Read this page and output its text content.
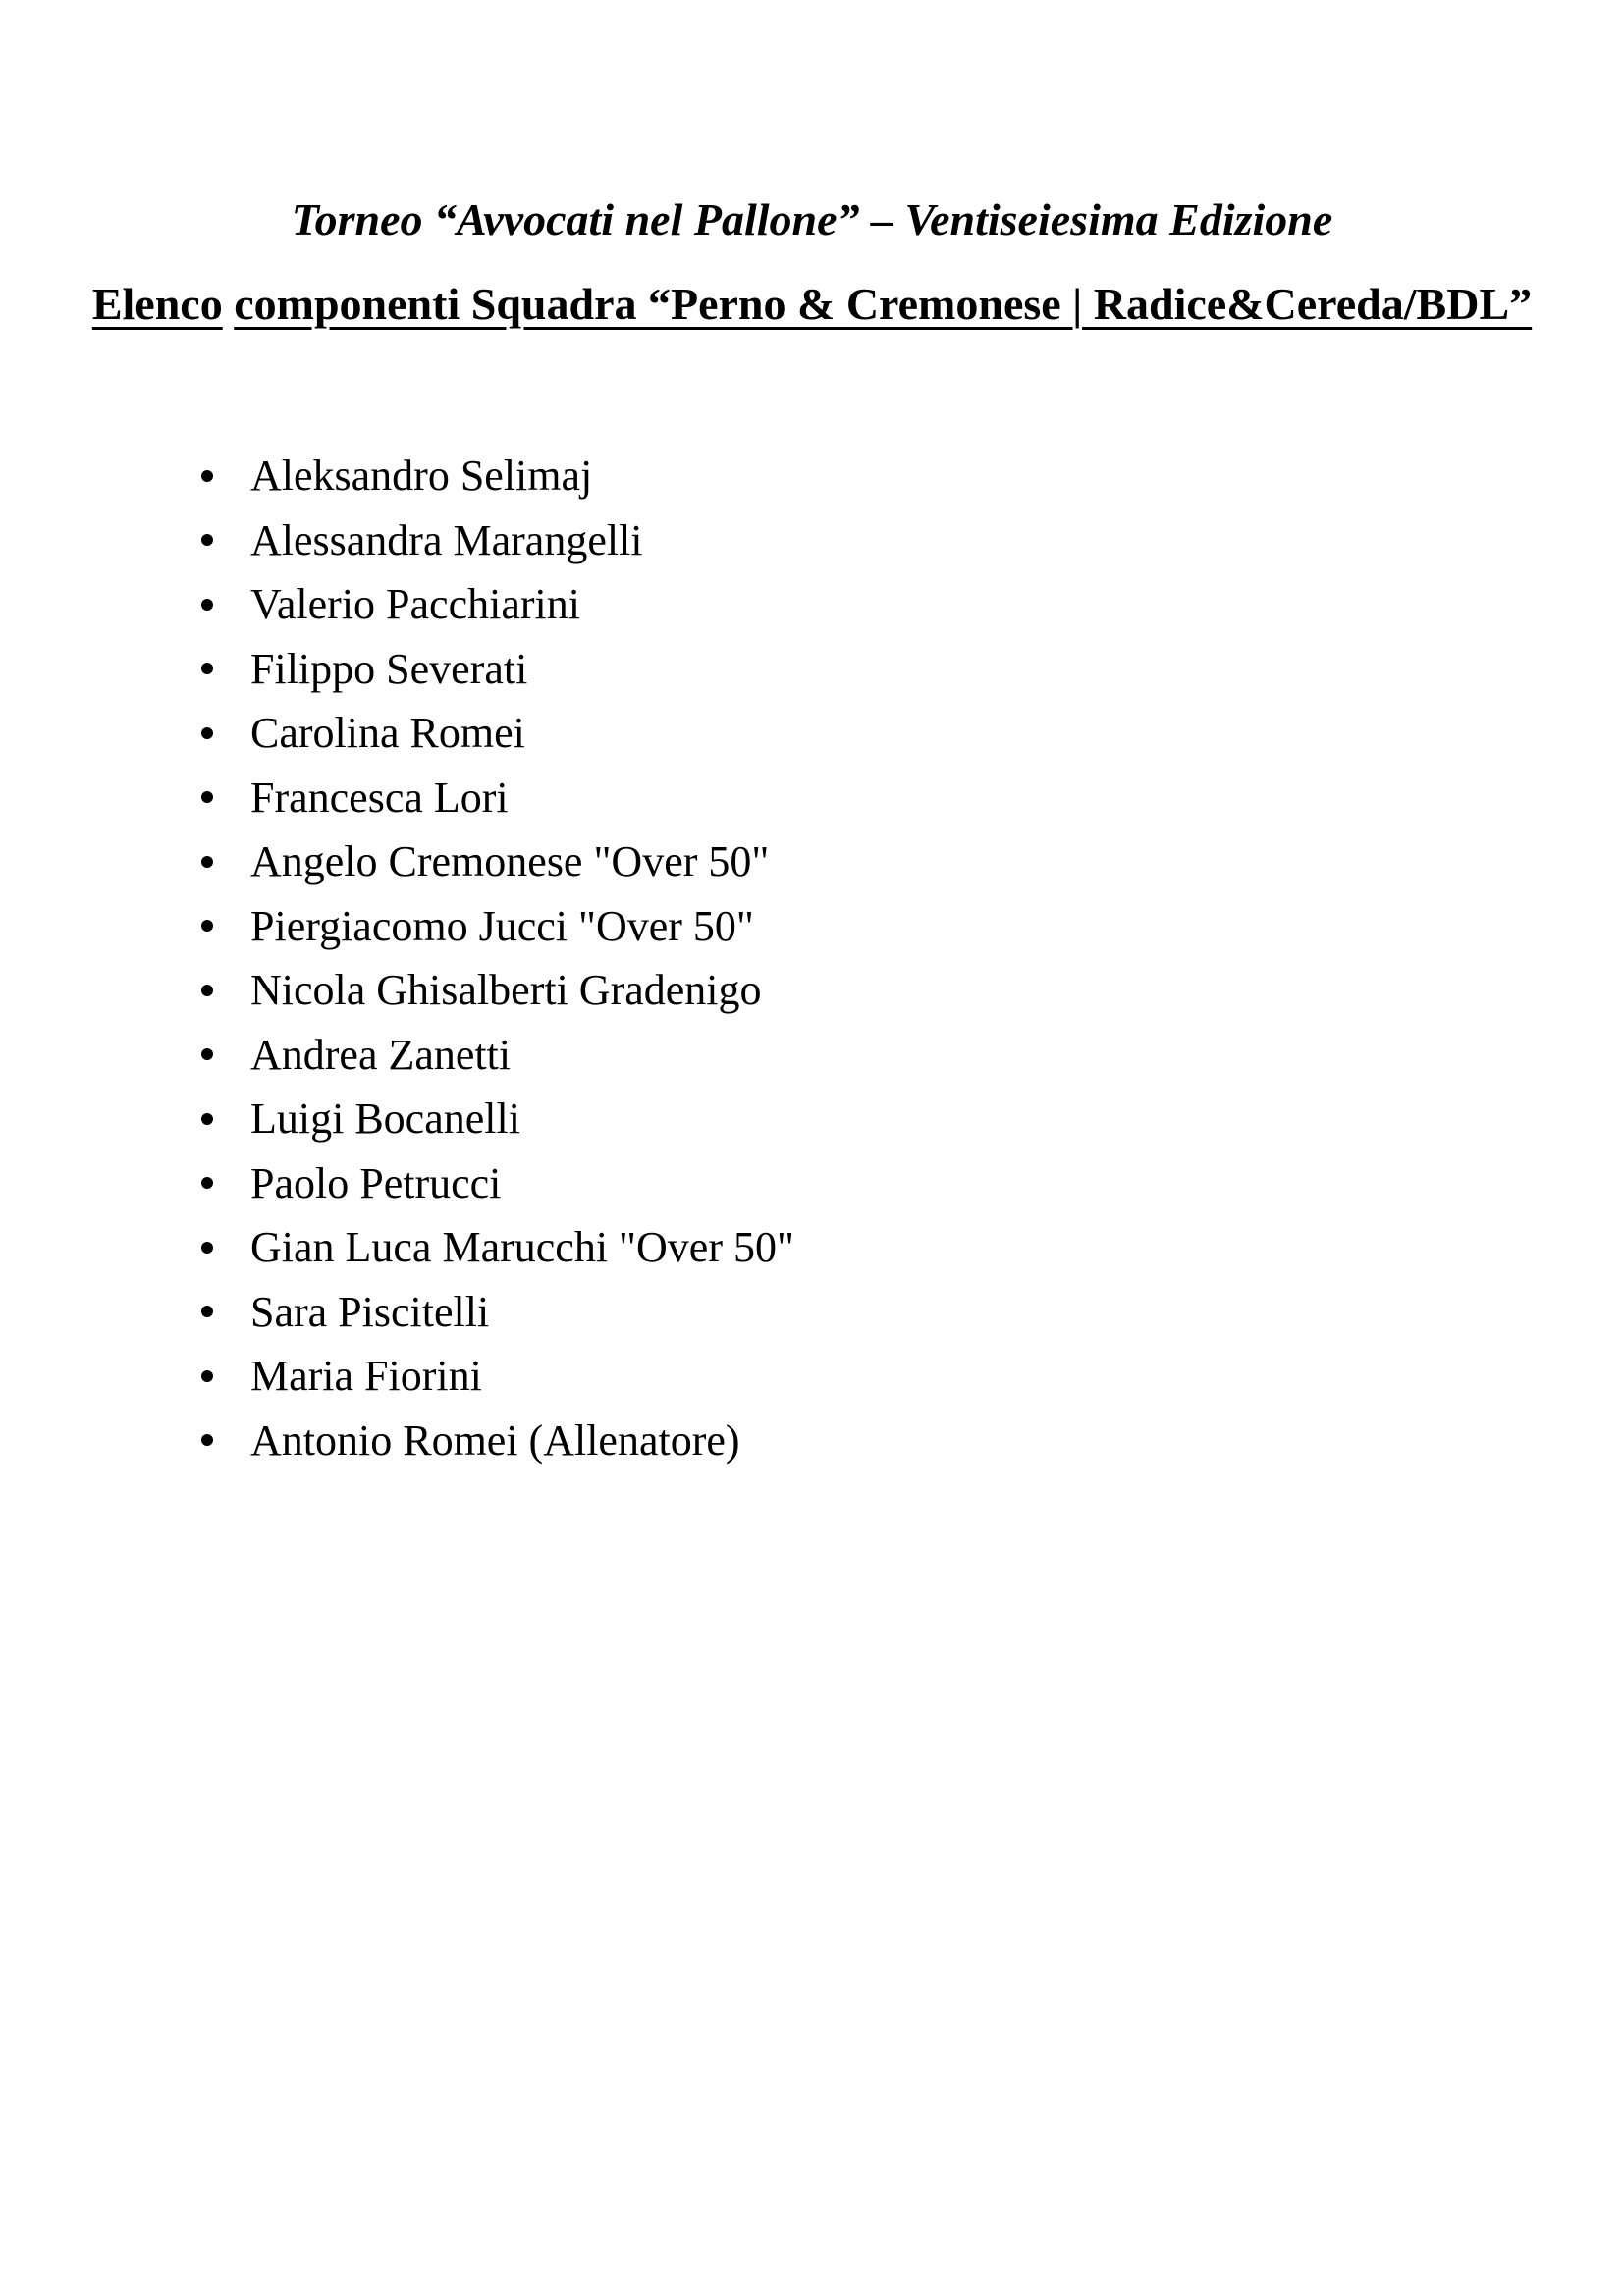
Torneo “Avvocati nel Pallone” – Ventiseiesima Edizione
Elenco componenti Squadra “Perno & Cremonese | Radice&Cereda/BDL”
Aleksandro Selimaj
Alessandra Marangelli
Valerio Pacchiarini
Filippo Severati
Carolina Romei
Francesca Lori
Angelo Cremonese "Over 50"
Piergiacomo Jucci "Over 50"
Nicola Ghisalberti Gradenigo
Andrea Zanetti
Luigi Bocanelli
Paolo Petrucci
Gian Luca Marucchi "Over 50"
Sara Piscitelli
Maria Fiorini
Antonio Romei (Allenatore)
